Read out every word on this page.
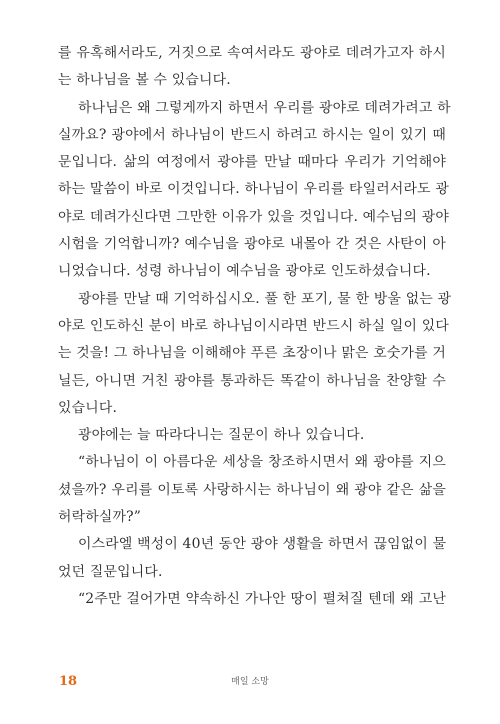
를 유혹해서라도, 거짓으로 속여서라도 광야로 데려가고자 하시
는 하나님을 볼 수 있습니다.
하나님은 왜 그렇게까지 하면서 우리를 광야로 데려가려고 하
실까요? 광야에서 하나님이 반드시 하려고 하시는 일이 있기 때
문입니다. 삶의 여정에서 광야를 만날 때마다 우리가 기억해야
하는 말씀이 바로 이것입니다. 하나님이 우리를 타일러서라도 광
야로 데려가신다면 그만한 이유가 있을 것입니다. 예수님의 광야
시험을 기억합니까? 예수님을 광야로 내몰아 간 것은 사탄이 아
니었습니다. 성령 하나님이 예수님을 광야로 인도하셨습니다.
광야를 만날 때 기억하십시오. 풀 한 포기, 물 한 방울 없는 광
야로 인도하신 분이 바로 하나님이시라면 반드시 하실 일이 있다
는 것을! 그 하나님을 이해해야 푸른 초장이나 맑은 호숫가를 거
닐든, 아니면 거친 광야를 통과하든 똑같이 하나님을 찬양할 수
있습니다.
광야에는 늘 따라다니는 질문이 하나 있습니다.
“하나님이 이 아름다운 세상을 창조하시면서 왜 광야를 지으
셨을까? 우리를 이토록 사랑하시는 하나님이 왜 광야 같은 삶을
허락하실까?”
이스라엘 백성이 40년 동안 광야 생활을 하면서 끊임없이 물
었던 질문입니다.
“2주만 걸어가면 약속하신 가나안 땅이 펼쳐질 텐데 왜 고난
18	매일 소망
